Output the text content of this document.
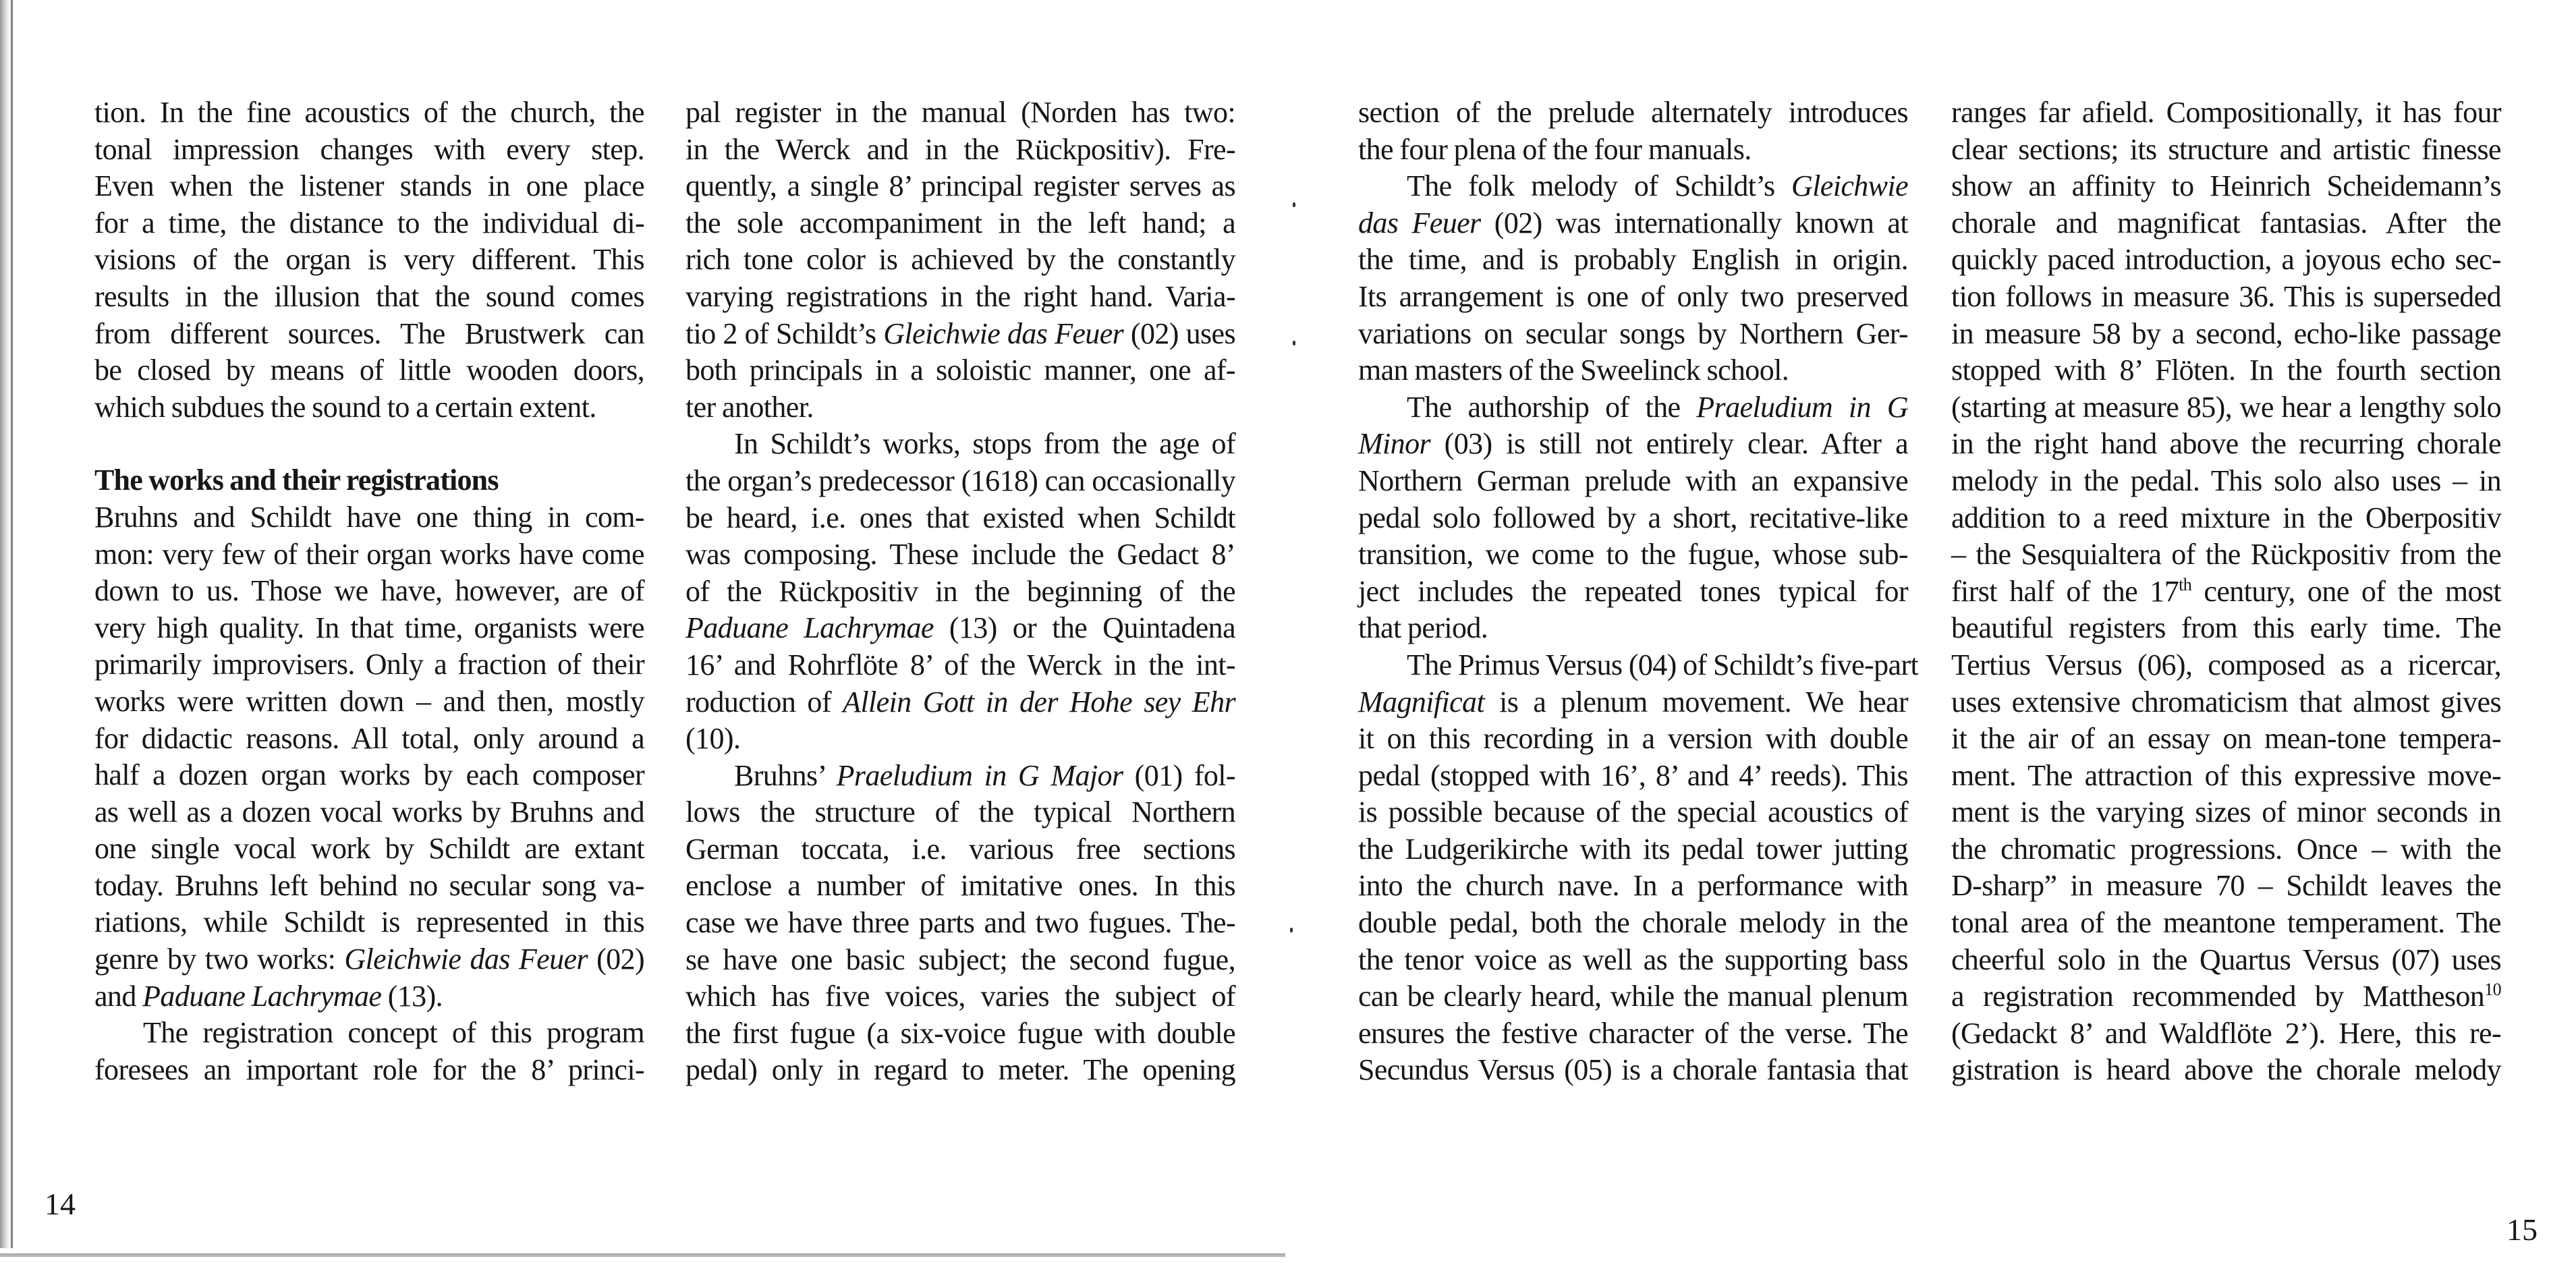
tion. In the fine acoustics of the church, the
tonal impression changes with every step.
Even when the listener stands in one place
for a time, the distance to the individual di-
visions of the organ is very different. This
results in the illusion that the sound comes
from different sources. The Brustwerk can
be closed by means of little wooden doors,
which subdues the sound to a certain extent.
The works and their registrations
Bruhns and Schildt have one thing in com-
mon: very few of their organ works have come
down to us. Those we have, however, are of
very high quality. In that time, organists were
primarily improvisers. Only a fraction of their
works were written down – and then, mostly
for didactic reasons. All total, only around a
half a dozen organ works by each composer
as well as a dozen vocal works by Bruhns and
one single vocal work by Schildt are extant
today. Bruhns left behind no secular song va-
riations, while Schildt is represented in this
genre by two works: Gleichwie das Feuer (02)
and Paduane Lachrymae (13).
The registration concept of this program
foresees an important role for the 8’ princi-
pal register in the manual (Norden has two:
in the Werck and in the Rückpositiv). Fre-
quently, a single 8’ principal register serves as
the sole accompaniment in the left hand; a
rich tone color is achieved by the constantly
varying registrations in the right hand. Varia-
tio 2 of Schildt’s Gleichwie das Feuer (02) uses
both principals in a soloistic manner, one af-
ter another.
In Schildt’s works, stops from the age of
the organ’s predecessor (1618) can occasionally
be heard, i.e. ones that existed when Schildt
was composing. These include the Gedact 8’
of the Rückpositiv in the beginning of the
Paduane Lachrymae (13) or the Quintadena
16’ and Rohrflöte 8’ of the Werck in the int-
roduction of Allein Gott in der Hohe sey Ehr
(10).
Bruhns’ Praeludium in G Major (01) fol-
lows the structure of the typical Northern
German toccata, i.e. various free sections
enclose a number of imitative ones. In this
case we have three parts and two fugues. The-
se have one basic subject; the second fugue,
which has five voices, varies the subject of
the first fugue (a six-voice fugue with double
pedal) only in regard to meter. The opening
14
section of the prelude alternately introduces
the four plena of the four manuals.
The folk melody of Schildt’s Gleichwie
das Feuer (02) was internationally known at
the time, and is probably English in origin.
Its arrangement is one of only two preserved
variations on secular songs by Northern Ger-
man masters of the Sweelinck school.
The authorship of the Praeludium in G
Minor (03) is still not entirely clear. After a
Northern German prelude with an expansive
pedal solo followed by a short, recitative-like
transition, we come to the fugue, whose sub-
ject includes the repeated tones typical for
that period.
The Primus Versus (04) of Schildt’s five-part
Magnificat is a plenum movement. We hear
it on this recording in a version with double
pedal (stopped with 16’, 8’ and 4’ reeds). This
is possible because of the special acoustics of
the Ludgerikirche with its pedal tower jutting
into the church nave. In a performance with
double pedal, both the chorale melody in the
the tenor voice as well as the supporting bass
can be clearly heard, while the manual plenum
ensures the festive character of the verse. The
Secundus Versus (05) is a chorale fantasia that
ranges far afield. Compositionally, it has four
clear sections; its structure and artistic finesse
show an affinity to Heinrich Scheidemann’s
chorale and magnificat fantasias. After the
quickly paced introduction, a joyous echo sec-
tion follows in measure 36. This is superseded
in measure 58 by a second, echo-like passage
stopped with 8’ Flöten. In the fourth section
(starting at measure 85), we hear a lengthy solo
in the right hand above the recurring chorale
melody in the pedal. This solo also uses – in
addition to a reed mixture in the Oberpositiv
– the Sesquialtera of the Rückpositiv from the
first half of the 17th century, one of the most
beautiful registers from this early time. The
Tertius Versus (06), composed as a ricercar,
uses extensive chromaticism that almost gives
it the air of an essay on mean-tone tempera-
ment. The attraction of this expressive move-
ment is the varying sizes of minor seconds in
the chromatic progressions. Once – with the
D-sharp” in measure 70 – Schildt leaves the
tonal area of the meantone temperament. The
cheerful solo in the Quartus Versus (07) uses
a registration recommended by Mattheson$^{10}$
(Gedackt 8’ and Waldflöte 2’). Here, this re-
gistration is heard above the chorale melody
15
